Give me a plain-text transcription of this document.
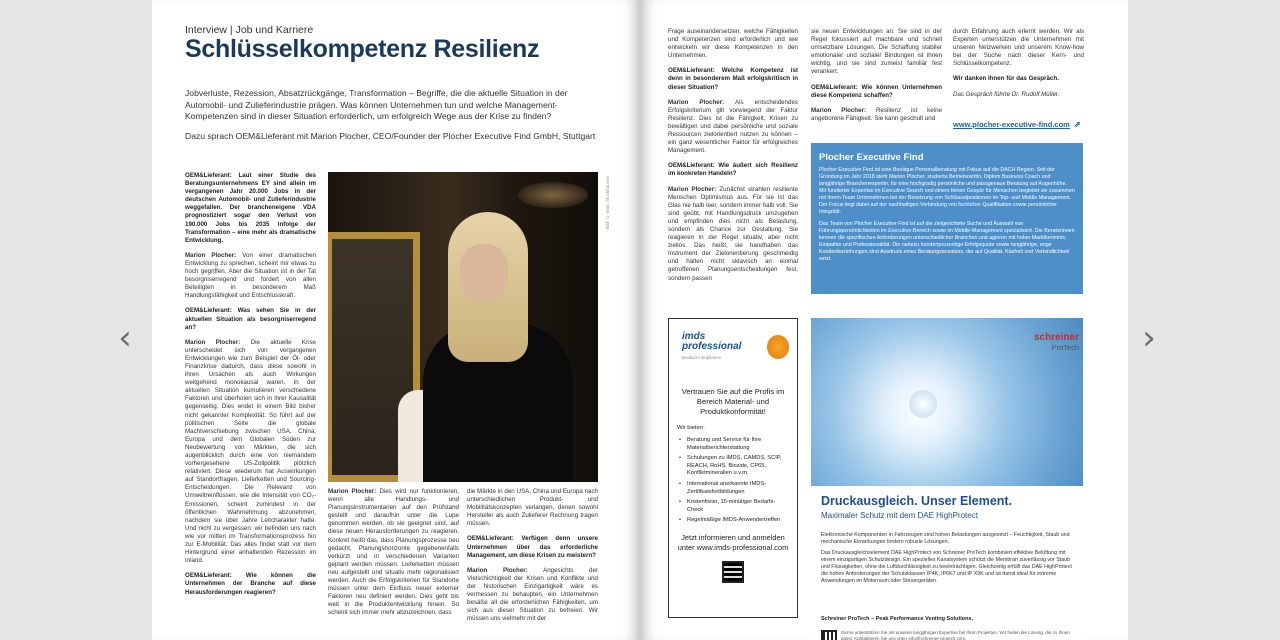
‹	›
Interview | Job und Karriere
Schlüsselkompetenz Resilienz
Jobverluste, Rezession, Absatzrückgänge, Transformation – Begriffe, die die aktuelle Situation in der Automobil- und Zulieferindustrie prägen. Was können Unternehmen tun und welche Management-Kompetenzen sind in dieser Situation erforderlich, um erfolgreich Wege aus der Krise zu finden?
Dazu sprach OEM&Lieferant mit Marion Plocher, CEO/Founder der Plocher Executive Find GmbH, Stuttgart

OEM&Lieferant: Laut einer Studie des Beratungsunternehmens EY sind allein im vergangenen Jahr 20.000 Jobs in der deutschen Automobil- und Zulieferindustrie weggefallen. Der brancheneigene VDA prognostiziert sogar den Verlust von 190.000 Jobs bis 2035 infolge der Transformation – eine mehr als dramatische Entwicklung.

Marion Plocher: Von einer dramatischen Entwicklung zu sprechen, scheint mir etwas zu hoch gegriffen. Aber die Situation ist in der Tat besorgniserregend und fordert von allen Beteiligten in besonderem Maß Handlungsfähigkeit und Entschlusskraft.

OEM&Lieferant: Was sehen Sie in der aktuellen Situation als besorgniserregend an?

Marion Plocher: Die aktuelle Krise unterscheidet sich von vergangenen Entwicklungen wie zum Beispiel der Öl- oder Finanzkrise dadurch, dass diese sowohl in ihren Ursachen als auch Wirkungen weitgehend monokausal waren. In der aktuellen Situation kumulieren verschiedene Faktoren und überholen sich in ihrer Kausalität gegenseitig. Dies endet in einem Bild bisher nicht gekannter Komplexität. So führt auf der politischen Seite die globale Machtverschiebung zwischen USA, China, Europa und dem Globalen Süden zur Neubewertung von Märkten, die sich augenblicklich durch eine von niemandem vorhergesehene US-Zollpolitik plötzlich relativiert. Diese wiederum hat Auswirkungen auf Standortfragen, Lieferketten und Sourcing-Entscheidungen. Die Relevanz von Umweltreinflüssen, wie die Intensität von CO₂-Emissionen, scheint zumindest in der öffentlichen Wahrnehmung abzunehmen, nachdem sie über Jahre Leitcharakter hatte. Und nicht zu vergessen: wir befinden uns nach wie vor mitten im Transformationsprozess hin zur E-Mobilität. Das alles findet statt vor dem Hintergrund einer anhaltenden Rezession im Inland.

OEM&Lieferant: Wie können die Unternehmen der Branche auf diese Herausforderungen reagieren?

Bild: © Marc Stockhausen

Marion Plocher: Dies wird nur funktionieren, wenn alle Handlungs- und Planungsinstrumentarien auf den Prüfstand gestellt und daraufhin unter die Lupe genommen werden, ob sie geeignet sind, auf diese neuen Herausforderungen zu reagieren. Konkret heißt das, dass Planungsprozesse neu gedacht, Planungshorizonte gegebenenfalls verkürzt und in verschiedenen Varianten geplant werden müssen. Lieferketten müssen neu aufgestellt und situativ mehr regionalisiert werden. Auch die Erfolgskriterien für Standorte müssen unter dem Einfluss neuer externer Faktoren neu definiert werden. Dies geht bis weit in die Produktentwicklung hinein. So scheint sich immer mehr abzuzeichnen, dass

die Märkte in den USA, China und Europa nach unterschiedlichen Produkt- und Mobilitätskonzepten verlangen, denen sowohl Hersteller als auch Zulieferer Rechnung tragen müssen.

OEM&Lieferant: Verfügen denn unsere Unternehmen über das erforderliche Management, um diese Krisen zu meistern?

Marion Plocher: Angesichts der Vielschichtigkeit der Krisen und Konflikte und der historischen Einzigartigkeit wäre es vermessen zu behaupten, ein Unternehmen besäße all die erforderlichen Fähigkeiten, um sich aus dieser Situation zu befreien. Wir müssen uns vielmehr mit der

Frage auseinandersetzen, welche Fähigkeiten und Kompetenzen sind erforderlich und wie entwickeln wir diese Kompetenzen in den Unternehmen.

OEM&Lieferant: Welche Kompetenz ist denn in besonderem Maß erfolgskritisch in dieser Situation?

Marion Plocher: Als entscheidendes Erfolgskriterium gilt vorwiegend der Faktor Resilienz. Dies ist die Fähigkeit, Krisen zu bewältigen und dabei persönliche und soziale Ressourcen zielorientiert nutzen zu können – ein ganz wesentlicher Faktor für erfolgreiches Management.

OEM&Lieferant: Wie äußert sich Resilienz im konkreten Handeln?

Marion Plocher: Zunächst strahlen resiliente Menschen Optimismus aus. Für sie ist das Glas nie halb leer, sondern immer halb voll. Sie sind geübt, mit Handlungsdruck umzugehen und empfinden dies nicht als Belastung, sondern als Chance zur Gestaltung. Sie reagieren in der Regel situativ, aber nicht ziellos. Das heißt, sie handhaben das Instrument der Zielorientierung geschmeidig und halten nicht sklavisch an einmal getroffenen Planungsentscheidungen fest, sondern passen

sie neuen Entwicklungen an. Sie sind in der Regel fokussiert auf machbare und schnell umsetzbare Lösungen. Die Schaffung stabiler emotionaler und sozialer Bindungen ist ihnen wichtig, und sie sind zumeist familiär fest verankert.

OEM&Lieferant: Wie können Unternehmen diese Kompetenz schaffen?

Marion Plocher: Resilienz ist keine angeborene Fähigkeit. Sie kann geschult und

durch Erfahrung auch erlernt werden. Wir als Experten unterstützen die Unternehmen mit unseren Netzwerken und unserem Know-how bei der Suche nach dieser Kern- und Schlüsselkompetenz.

Wir danken Ihnen für das Gespräch.

Das Gespräch führte Dr. Rudolf Müller.

www.plocher-executive-find.com ⇗
Plocher Executive Find

Plocher Executive Find ist eine Boutique Personalberatung mit Fokus auf die DACH Region. Seit der Gründung im Jahr 2018 steht Marion Plocher, studierte Betriebswirtin, Diplom Business Coach und langjährige Branchenexpertin, für eine hochgradig persönliche und passgenaue Beratung auf Augenhöhe. Mit fundierter Expertise im Executive Search und einem feinen Gespür für Menschen begleitet sie zusammen mit ihrem Team Unternehmen bei der Besetzung von Schlüsselpositionen im Top- und Middle Management. Der Fokus liegt dabei auf der nachhaltigen Verbindung von fachlicher Qualifikation sowie persönlicher Integrität.

Das Team von Plocher Executive Find ist auf die zielgerichtete Suche und Auswahl von Führungspersönlichkeiten im Executive-Bereich sowie im Middle-Management spezialisiert. Die Beraterinnen kennen die spezifischen Anforderungen unterschiedlicher Branchen und agieren mit hoher Marktkenntnis, Empathie und Professionalität. Die nahezu hundertprozentige Erfolgsquote sowie langjährige, enge Kundenbeziehungen sind Ausdruck eines Beratungsansatzes, der auf Qualität, Klarheit und Verbindlichkeit setzt.

imds professional
product compliance
Vertrauen Sie auf die Profis im Bereich Material- und Produktkonformität!
Wir bieten:
• Beratung und Service für Ihre Materialberichterstattung
• Schulungen zu IMDS, CAMDS, SCIP, REACH, RoHS, Biozide, CP65, Konfliktmineralien u.v.m.
• International anerkannte IMDS-Zertifikatsfortbildungen
• Kostenfreier, 15-minütiger Bedarfs-Check
• Regelmäßige IMDS-Anwendertreffen
Jetzt informieren und anmelden unter www.imds-professional.com
schreiner
ProTech
Druckausgleich. Unser Element.
Maximaler Schutz mit dem DAE HighProtect

Elektronische Komponenten in Fahrzeugen sind hohen Belastungen ausgesetzt – Feuchtigkeit, Staub und mechanische Einwirkungen fordern robuste Lösungen.

Das Druckausgleichselement DAE HighProtect von Schreiner ProTech kombiniert effektive Belüftung mit einem einzigartigen Schutzdesign. Ein spezielles Kanalsystem schützt die Membran zuverlässig vor Staub und Flüssigkeiten, ohne die Luftdurchlässigkeit zu beeinträchtigen. Gleichzeitig erfüllt das DAE HighProtect die hohen Anforderungen der Schutzklassen IP4K, IP6K7 und IP X9K und ist damit ideal für extreme Anwendungen im Motorraum oder Steuergeräten.

Schreiner ProTech – Peak Performance Venting Solutions.
Gerne unterstützen Sie mit unseren langjährigen Expertise bei Ihren Projekten. Wir finden die Lösung, die zu Ihnen passt. Kontaktieren Sie uns unter info@schreiner-protech.com.
